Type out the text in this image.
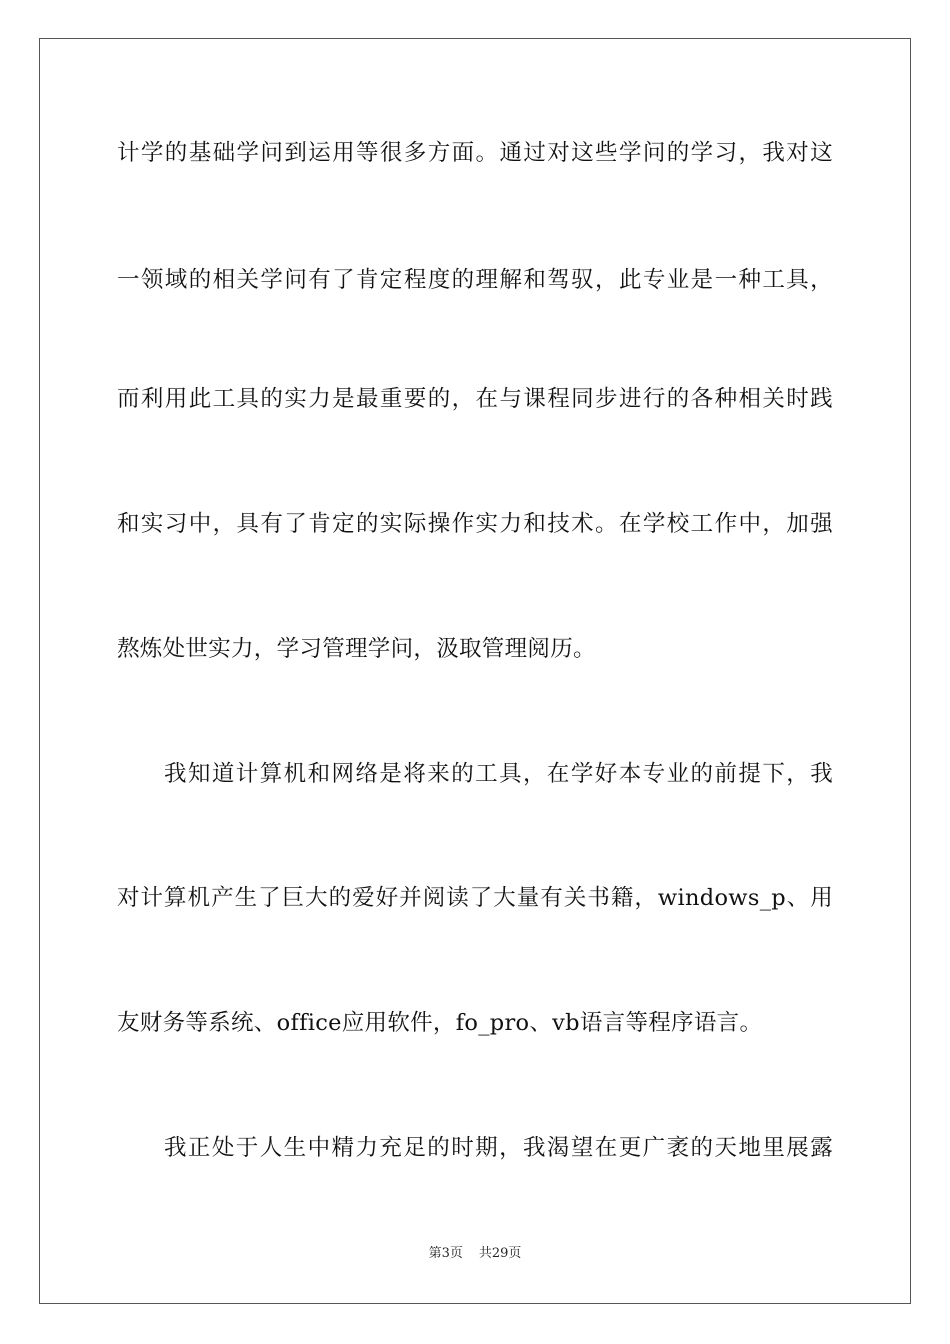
计学的基础学问到运用等很多方面。通过对这些学问的学习，我对这
一领域的相关学问有了肯定程度的理解和驾驭，此专业是一种工具，
而利用此工具的实力是最重要的，在与课程同步进行的各种相关时践
和实习中，具有了肯定的实际操作实力和技术。在学校工作中，加强
熬炼处世实力，学习管理学问，汲取管理阅历。
我知道计算机和网络是将来的工具，在学好本专业的前提下，我
对计算机产生了巨大的爱好并阅读了大量有关书籍，windows_p、用
友财务等系统、office应用软件，fo_pro、vb语言等程序语言。
我正处于人生中精力充足的时期，我渴望在更广袤的天地里展露
第3页 共29页
